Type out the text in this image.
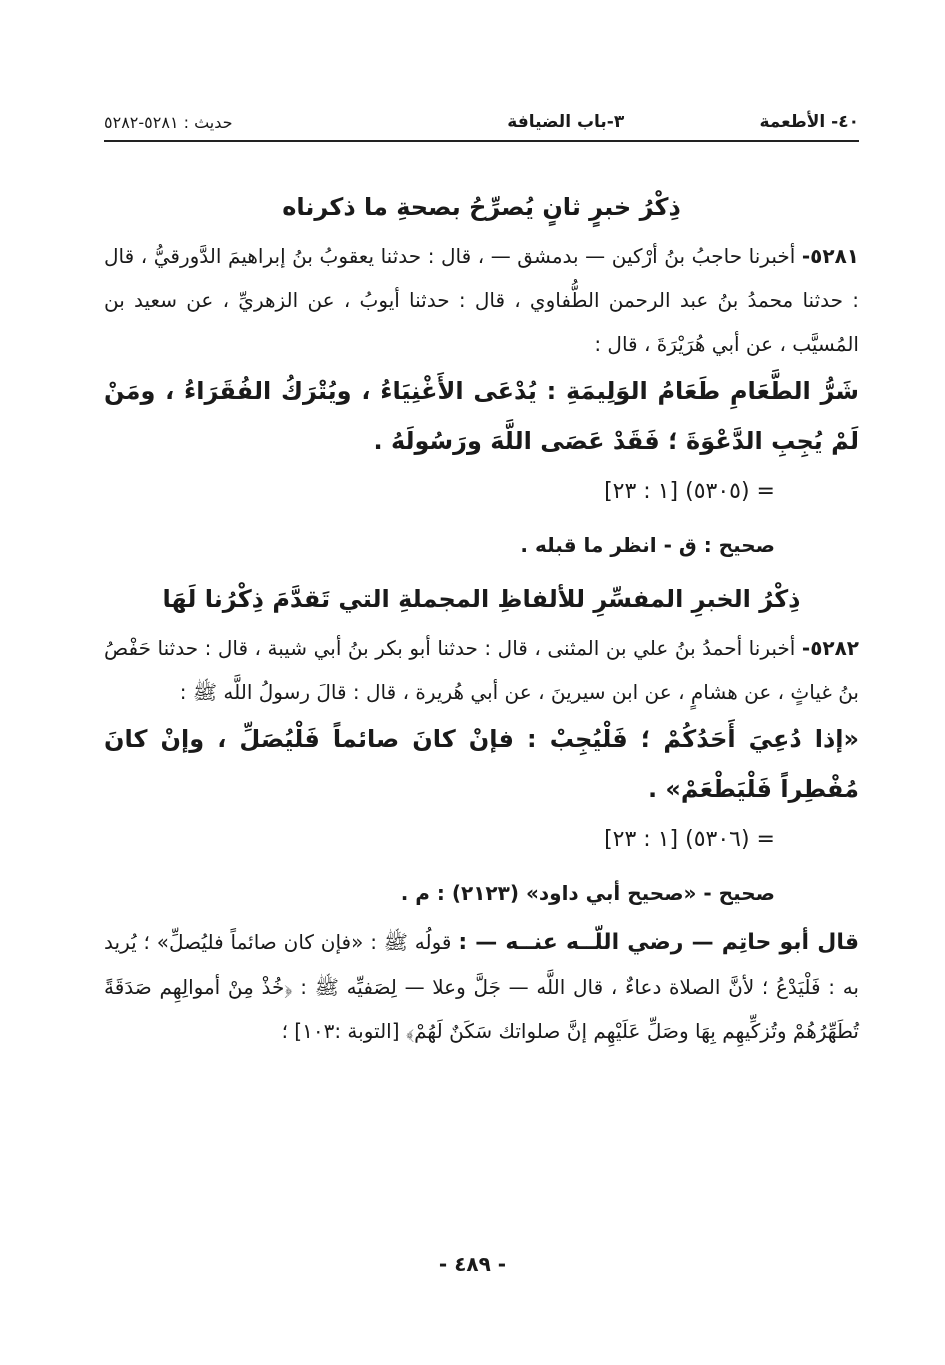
٤٠- الأطعمة
٣-باب الضيافة
حديث : ٥٢٨١-٥٢٨٢
ذِكْرُ خبرٍ ثانٍ يُصرِّحُ بصحةِ ما ذكرناه

٥٢٨١- أخبرنا حاجبُ بنُ أرْكين — بدمشق — ، قال : حدثنا يعقوبُ بنُ إبراهيمَ الدَّورقيُّ ، قال : حدثنا محمدُ بنُ عبد الرحمن الطُّفاوي ، قال : حدثنا أيوبُ ، عن الزهريِّ ، عن سعيد بن المُسيَّب ، عن أبي هُرَيْرَةَ ، قال :

شَرُّ الطَّعَامِ طَعَامُ الوَلِيمَةِ : يُدْعَى الأَغْنِيَاءُ ، ويُتْرَكُ الفُقَرَاءُ ، ومَنْ لَمْ يُجِبِ الدَّعْوَةَ ؛ فَقَدْ عَصَى اللَّهَ ورَسُولَهُ .

= (٥٣٠٥) [١ : ٢٣]

صحيح : ق - انظر ما قبله .

ذِكْرُ الخبرِ المفسِّرِ للألفاظِ المجملةِ التي تَقدَّمَ ذِكْرُنا لَهَا

٥٢٨٢- أخبرنا أحمدُ بنُ علي بن المثنى ، قال : حدثنا أبو بكر بنُ أبي شيبة ، قال : حدثنا حَفْصُ بنُ غياثٍ ، عن هشامٍ ، عن ابن سيرينَ ، عن أبي هُريرة ، قال : قالَ رسولُ اللَّه ﷺ :

«إذا دُعِيَ أَحَدُكُمْ ؛ فَلْيُجِبْ : فإنْ كانَ صائماً فَلْيُصَلِّ ، وإنْ كانَ مُفْطِراً فَلْيَطْعَمْ» .

= (٥٣٠٦) [١ : ٢٣]

صحيح - «صحيح أبي داود» (٢١٢٣) : م .

قال أبو حاتِم — رضي اللّــه عنــه — : قولُه ﷺ : «فإن كان صائماً فليُصلِّ» ؛ يُريد به : فَلْيَدْعُ ؛ لأنَّ الصلاة دعاءٌ ، قال اللَّه — جَلَّ وعلا — لِصَفيِّه ﷺ : ﴿خُذْ مِنْ أموالِهِم صَدَقَةً تُطَهِّرُهُمْ وتُزكِّيهِم بِهَا وصَلِّ عَلَيْهِم إنَّ صلواتك سَكَنٌ لَهُمْ﴾ [التوبة :١٠٣] ؛

- ٤٨٩ -
